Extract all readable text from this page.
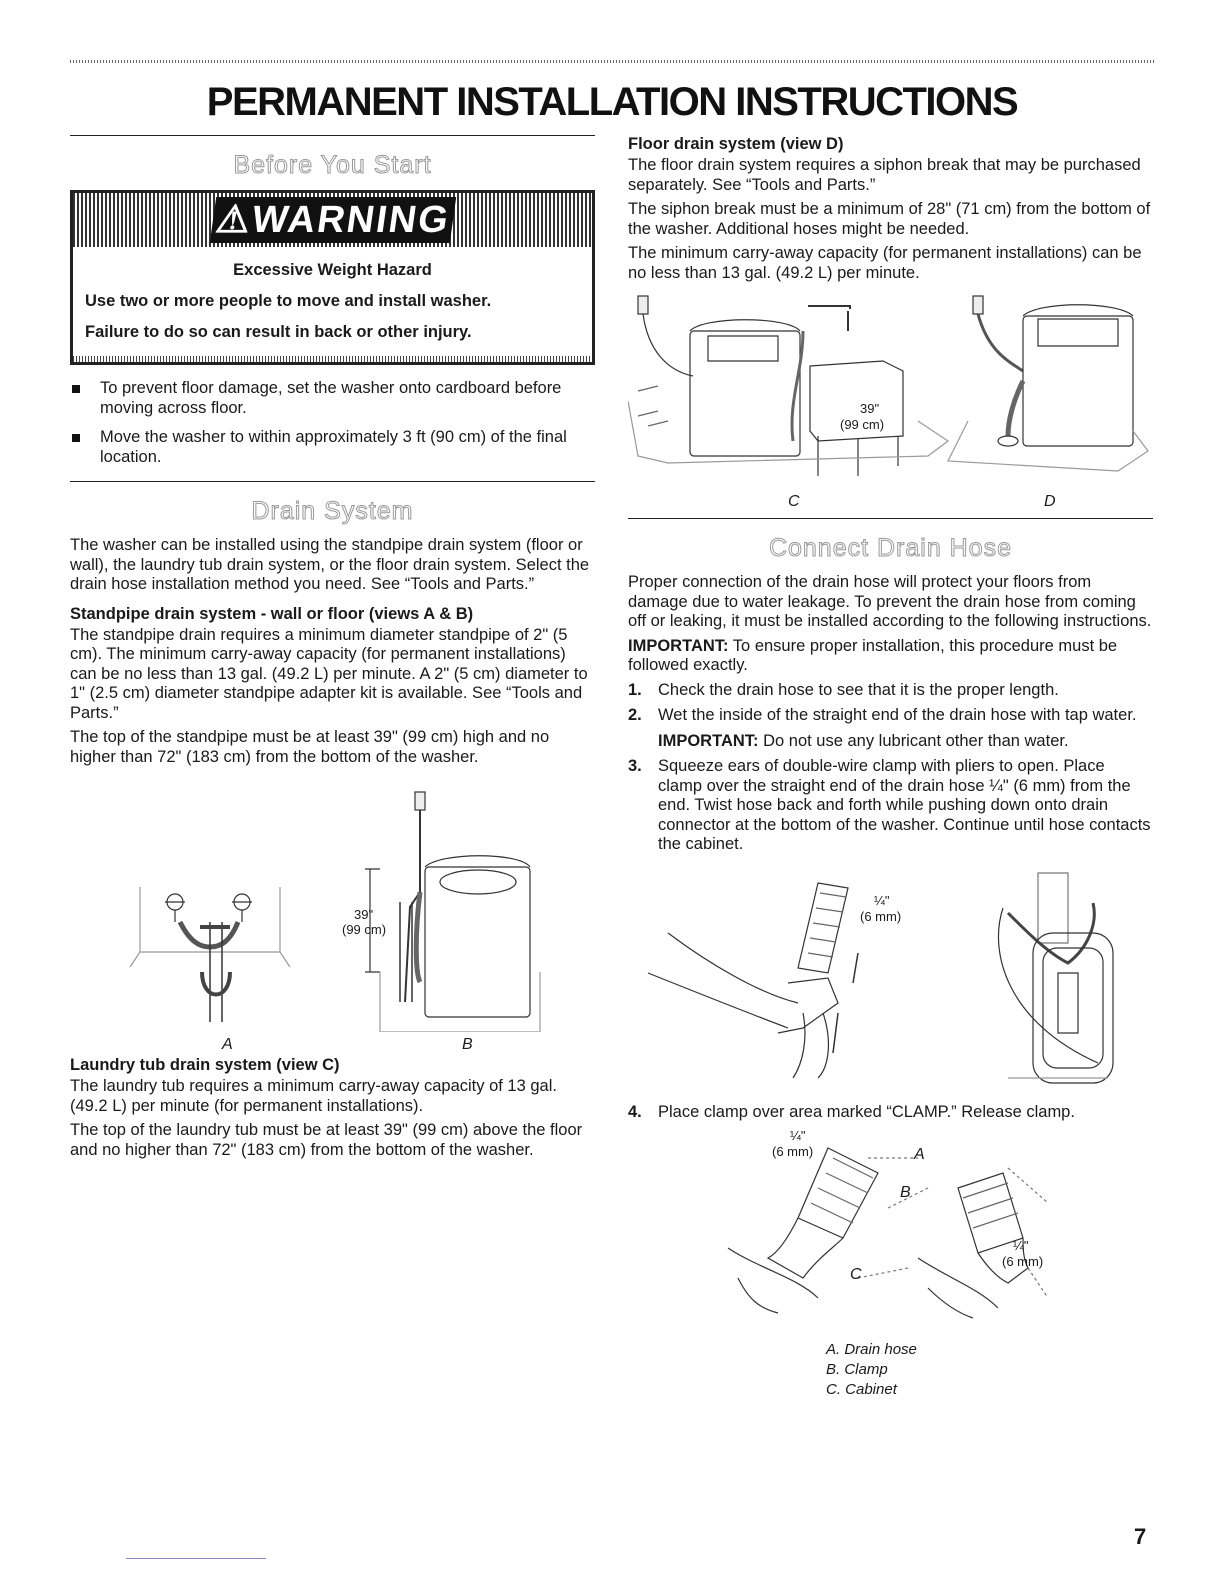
PERMANENT INSTALLATION INSTRUCTIONS
Before You Start
⚠WARNING
Excessive Weight Hazard
Use two or more people to move and install washer.
Failure to do so can result in back or other injury.
To prevent floor damage, set the washer onto cardboard before moving across floor.
Move the washer to within approximately 3 ft (90 cm) of the final location.
Drain System

The washer can be installed using the standpipe drain system (floor or wall), the laundry tub drain system, or the floor drain system. Select the drain hose installation method you need. See “Tools and Parts.”

Standpipe drain system - wall or floor (views A & B)

The standpipe drain requires a minimum diameter standpipe of 2" (5 cm). The minimum carry-away capacity (for permanent installations) can be no less than 13 gal. (49.2 L) per minute. A 2" (5 cm) diameter to 1" (2.5 cm) diameter standpipe adapter kit is available. See “Tools and Parts.”

The top of the standpipe must be at least 39" (99 cm) high and no higher than 72" (183 cm) from the bottom of the washer.

39"
(99 cm)
A	B
Laundry tub drain system (view C)

The laundry tub requires a minimum carry-away capacity of 13 gal. (49.2 L) per minute (for permanent installations).

The top of the laundry tub must be at least 39" (99 cm) above the floor and no higher than 72" (183 cm) from the bottom of the washer.

Floor drain system (view D)

The floor drain system requires a siphon break that may be purchased separately. See “Tools and Parts.”

The siphon break must be a minimum of 28" (71 cm) from the bottom of the washer. Additional hoses might be needed.

The minimum carry-away capacity (for permanent installations) can be no less than 13 gal. (49.2 L) per minute.

39"
(99 cm)
C	D
Connect Drain Hose

Proper connection of the drain hose will protect your floors from damage due to water leakage. To prevent the drain hose from coming off or leaking, it must be installed according to the following instructions.

IMPORTANT: To ensure proper installation, this procedure must be followed exactly.

1. Check the drain hose to see that it is the proper length.
2. Wet the inside of the straight end of the drain hose with tap water.
IMPORTANT: Do not use any lubricant other than water.
3. Squeeze ears of double-wire clamp with pliers to open. Place clamp over the straight end of the drain hose ¼" (6 mm) from the end. Twist hose back and forth while pushing down onto drain connector at the bottom of the washer. Continue until hose contacts the cabinet.
¼"
(6 mm)
4. Place clamp over area marked “CLAMP.” Release clamp.
¼"
(6 mm)
¼"
(6 mm)
A
B
C
A. Drain hose
B. Clamp
C. Cabinet
7
